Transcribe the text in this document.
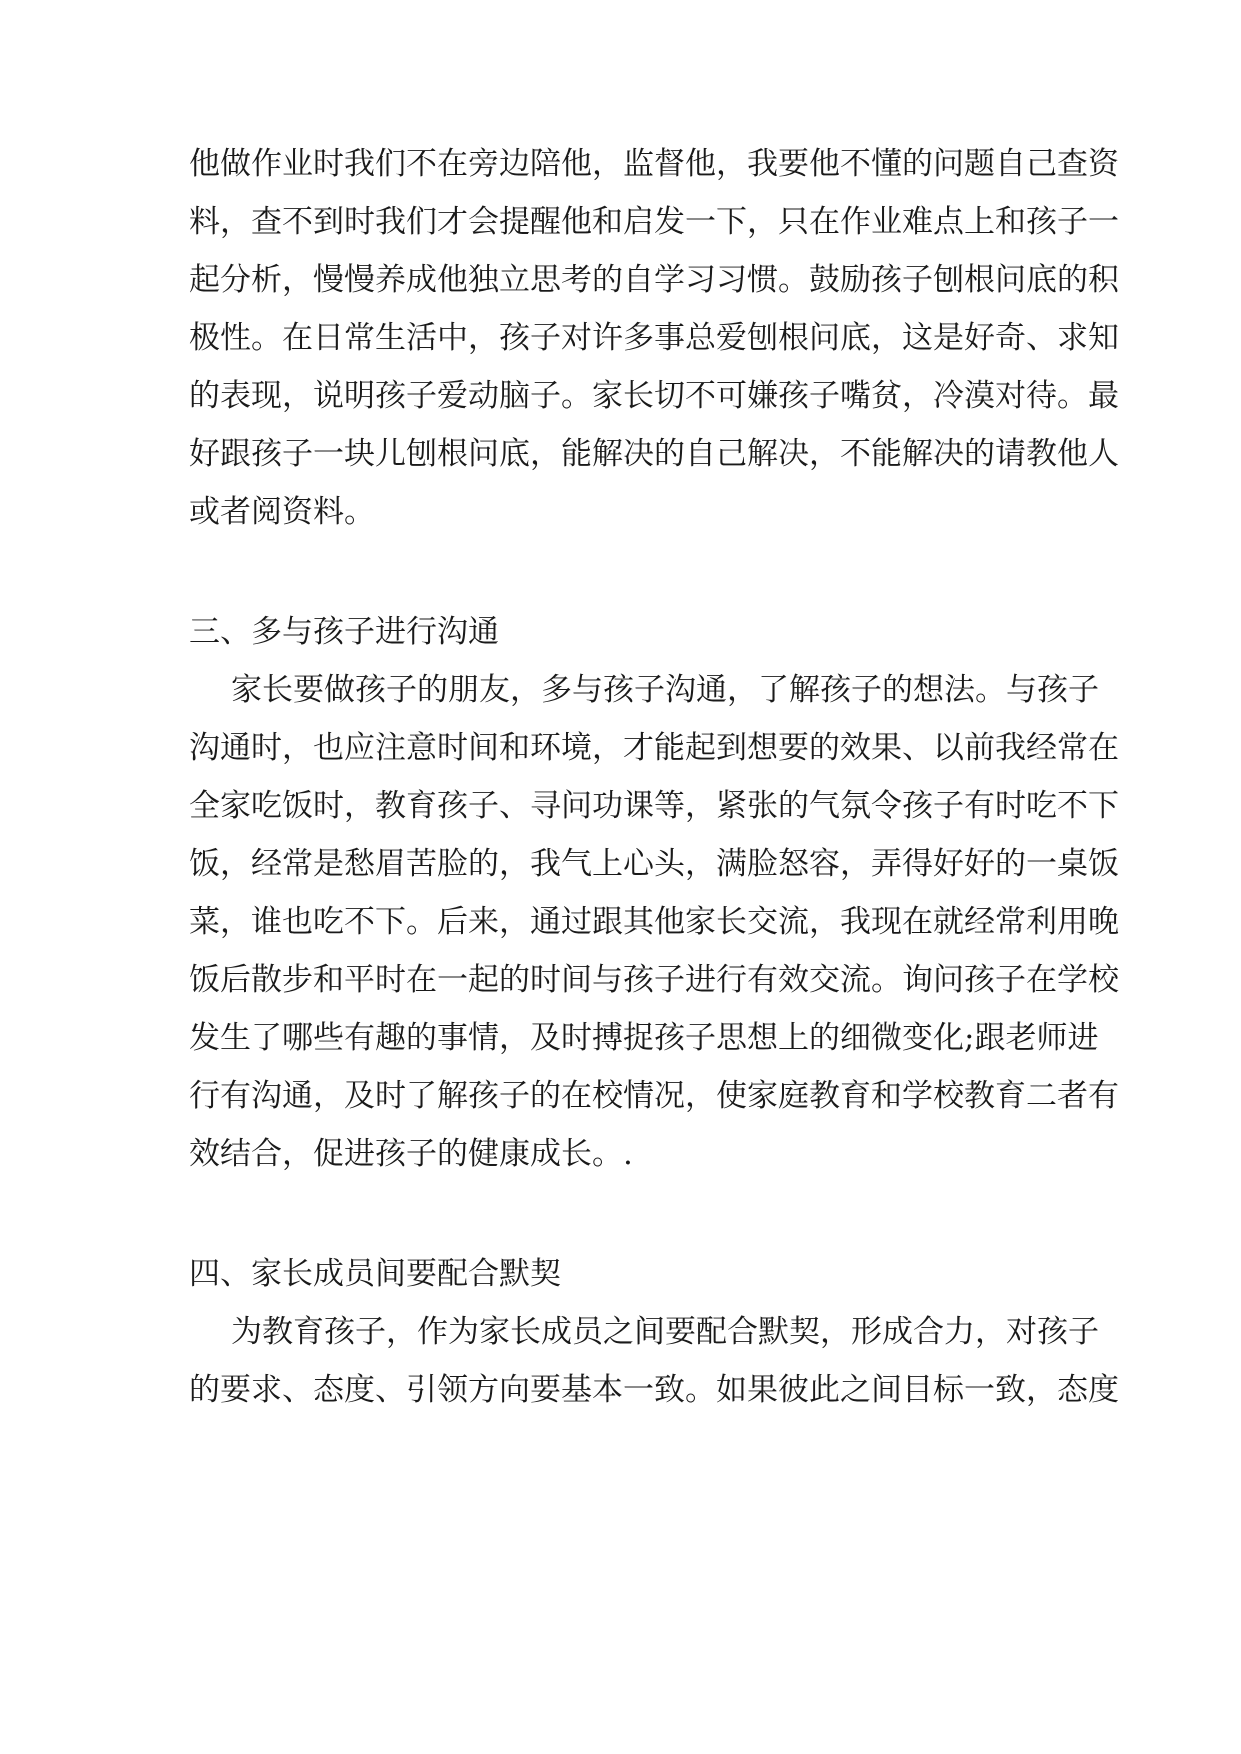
他做作业时我们不在旁边陪他，监督他，我要他不懂的问题自己查资
料，查不到时我们才会提醒他和启发一下，只在作业难点上和孩子一
起分析，慢慢养成他独立思考的自学习习惯。鼓励孩子刨根问底的积
极性。在日常生活中，孩子对许多事总爱刨根问底，这是好奇、求知
的表现，说明孩子爱动脑子。家长切不可嫌孩子嘴贫，冷漠对待。最
好跟孩子一块儿刨根问底，能解决的自己解决，不能解决的请教他人
或者阅资料。
三、多与孩子进行沟通
家长要做孩子的朋友，多与孩子沟通，了解孩子的想法。与孩子
沟通时，也应注意时间和环境，才能起到想要的效果、以前我经常在
全家吃饭时，教育孩子、寻问功课等，紧张的气氛令孩子有时吃不下
饭，经常是愁眉苦脸的，我气上心头，满脸怒容，弄得好好的一桌饭
菜，谁也吃不下。后来，通过跟其他家长交流，我现在就经常利用晚
饭后散步和平时在一起的时间与孩子进行有效交流。询问孩子在学校
发生了哪些有趣的事情，及时搏捉孩子思想上的细微变化;跟老师进
行有沟通，及时了解孩子的在校情况，使家庭教育和学校教育二者有
效结合，促进孩子的健康成长。.
四、家长成员间要配合默契
为教育孩子，作为家长成员之间要配合默契，形成合力，对孩子
的要求、态度、引领方向要基本一致。如果彼此之间目标一致，态度
